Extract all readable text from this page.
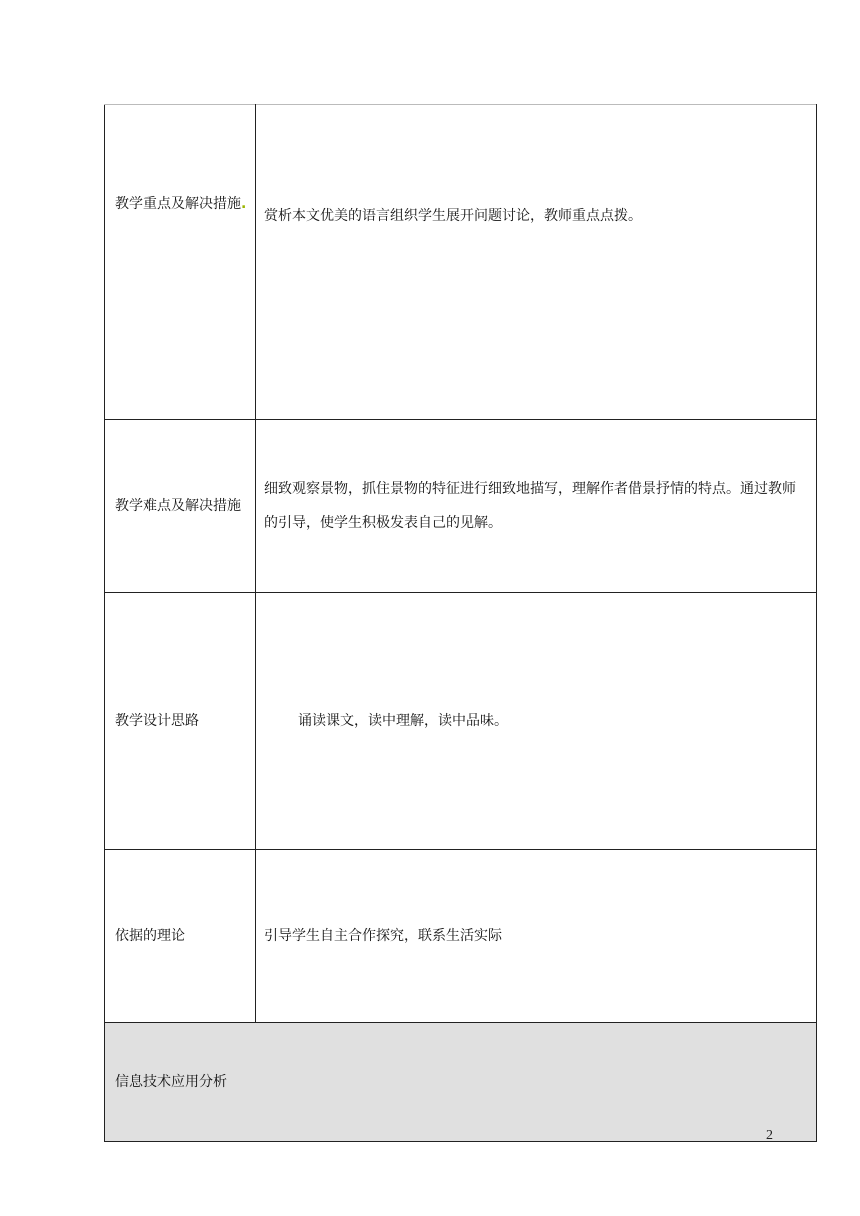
教学重点及解决措施.	赏析本文优美的语言组织学生展开问题讨论，教师重点点拨。
教学难点及解决措施	细致观察景物，抓住景物的特征进行细致地描写，理解作者借景抒情的特点。通过教师的引导，使学生积极发表自己的见解。

教学设计思路	诵读课文，读中理解，读中品味。

依据的理论	引导学生自主合作探究，联系生活实际
信息技术应用分析	
2
